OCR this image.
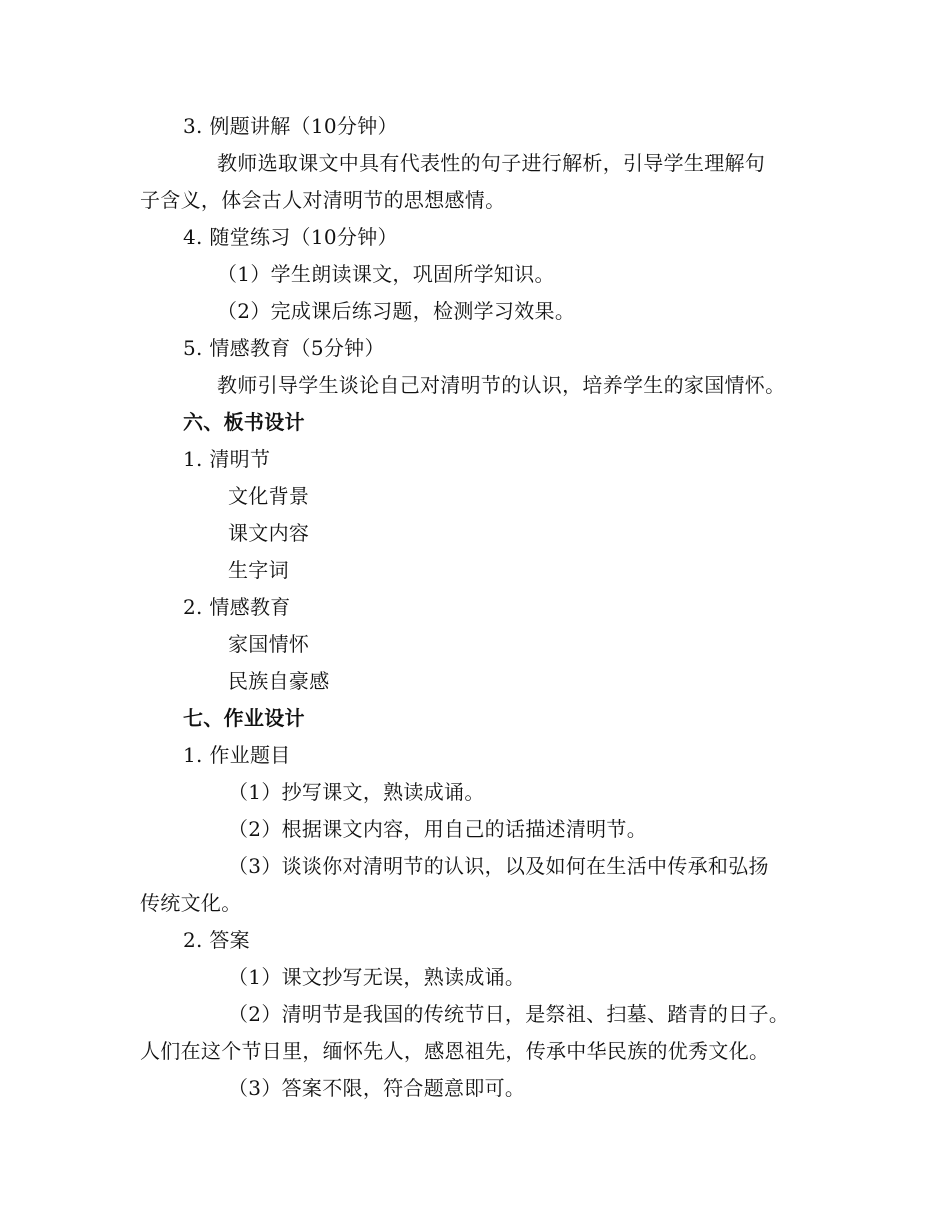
3. 例题讲解（10分钟）
教师选取课文中具有代表性的句子进行解析，引导学生理解句
子含义，体会古人对清明节的思想感情。
4. 随堂练习（10分钟）
（1）学生朗读课文，巩固所学知识。
（2）完成课后练习题，检测学习效果。
5. 情感教育（5分钟）
教师引导学生谈论自己对清明节的认识，培养学生的家国情怀。
六、板书设计
1. 清明节
文化背景
课文内容
生字词
2. 情感教育
家国情怀
民族自豪感
七、作业设计
1. 作业题目
（1）抄写课文，熟读成诵。
（2）根据课文内容，用自己的话描述清明节。
（3）谈谈你对清明节的认识，以及如何在生活中传承和弘扬
传统文化。
2. 答案
（1）课文抄写无误，熟读成诵。
（2）清明节是我国的传统节日，是祭祖、扫墓、踏青的日子。
人们在这个节日里，缅怀先人，感恩祖先，传承中华民族的优秀文化。
（3）答案不限，符合题意即可。
